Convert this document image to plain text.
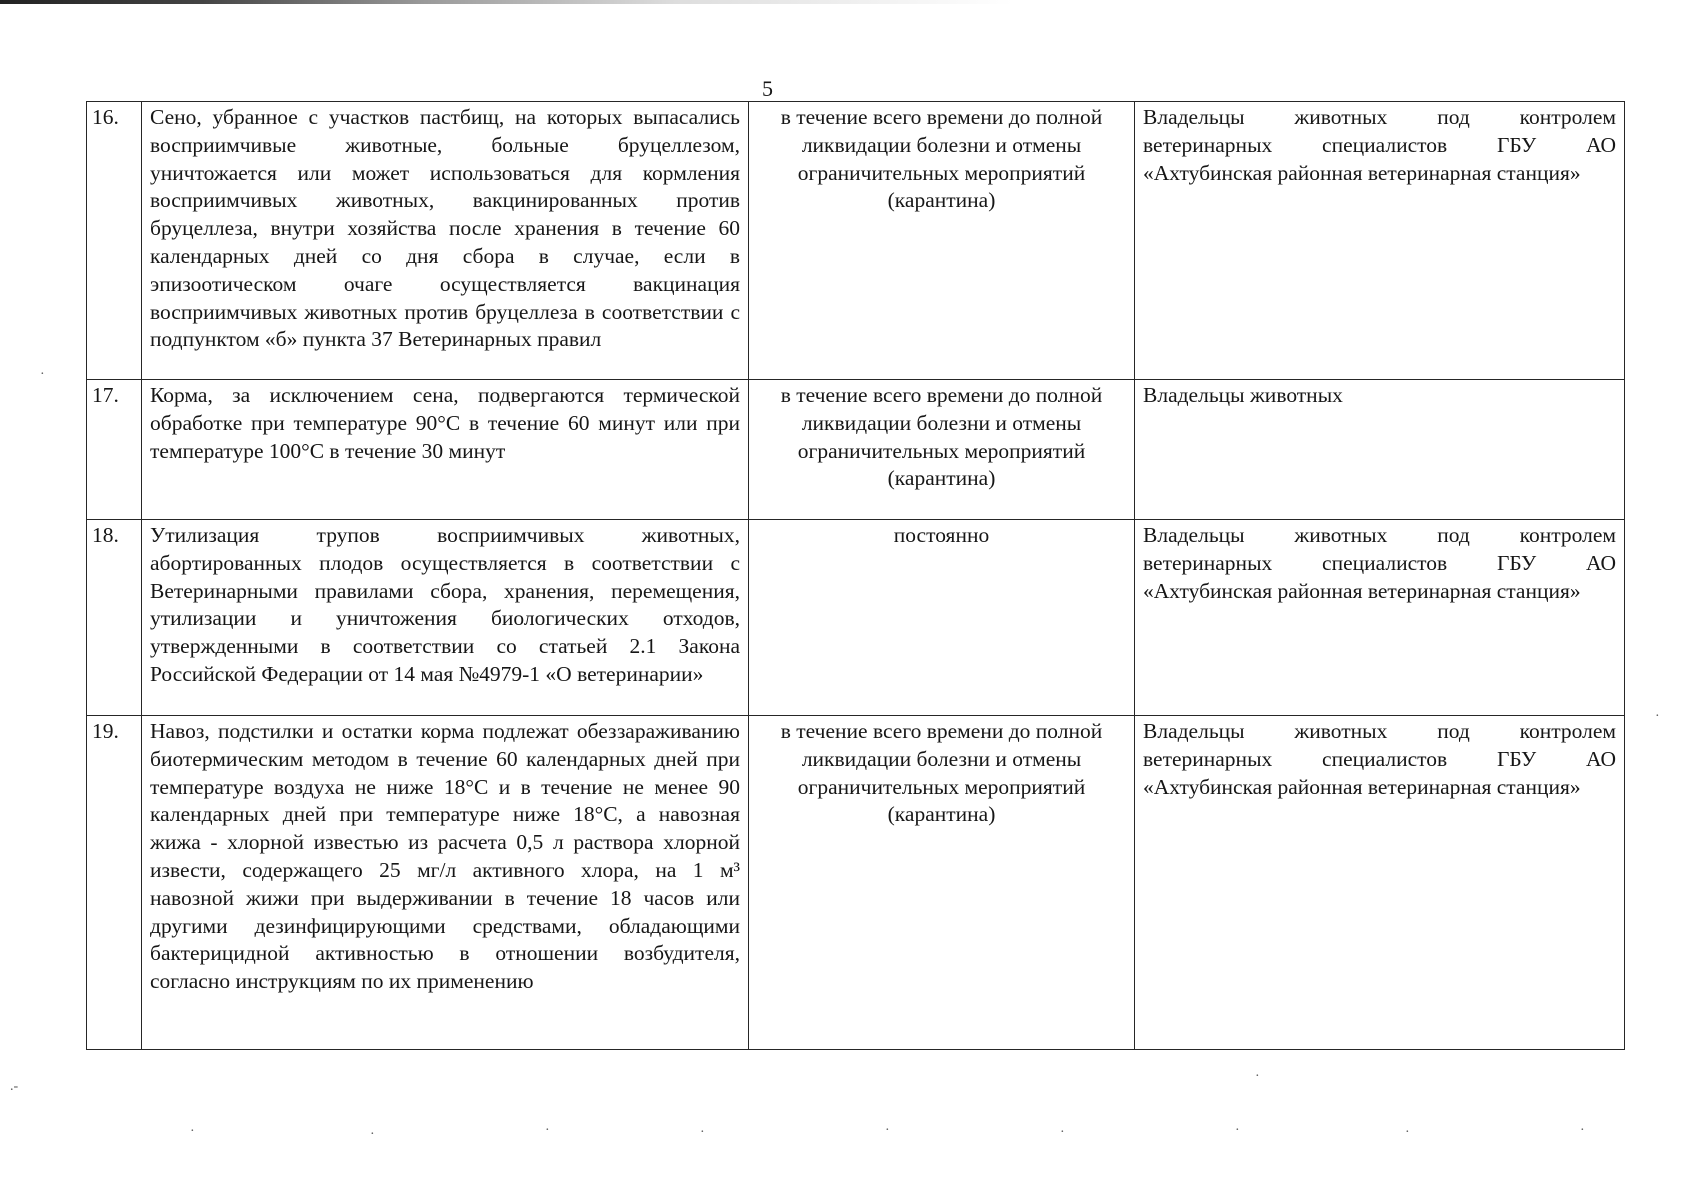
5
16.	Сено, убранное с участков пастбищ, на которых выпасались восприимчивые животные, больные бруцеллезом, уничтожается или может использоваться для кормления восприимчивых животных, вакцинированных против бруцеллеза, внутри хозяйства после хранения в течение 60 календарных дней со дня сбора в случае, если в эпизоотическом очаге осуществляется вакцинация восприимчивых животных против бруцеллеза в соответствии с подпунктом «б» пункта 37 Ветеринарных правил	в течение всего времени до полной ликвидации болезни и отмены ограничительных мероприятий (карантина)	Владельцы животных под контролем ветеринарных специалистов ГБУ АО «Ахтубинская районная ветеринарная станция»
17.	Корма, за исключением сена, подвергаются термической обработке при температуре 90°С в течение 60 минут или при температуре 100°С в течение 30 минут	в течение всего времени до полной ликвидации болезни и отмены ограничительных мероприятий (карантина)	Владельцы животных
18.	Утилизация трупов восприимчивых животных, абортированных плодов осуществляется в соответствии с Ветеринарными правилами сбора, хранения, перемещения, утилизации и уничтожения биологических отходов, утвержденными в соответствии со статьей 2.1 Закона Российской Федерации от 14 мая №4979-1 «О ветеринарии»	постоянно	Владельцы животных под контролем ветеринарных специалистов ГБУ АО «Ахтубинская районная ветеринарная станция»
19.	Навоз, подстилки и остатки корма подлежат обеззараживанию биотермическим методом в течение 60 календарных дней при температуре воздуха не ниже 18°С и в течение не менее 90 календарных дней при температуре ниже 18°С, а навозная жижа - хлорной известью из расчета 0,5 л раствора хлорной извести, содержащего 25 мг/л активного хлора, на 1 м³ навозной жижи при выдерживании в течение 18 часов или другими дезинфицирующими средствами, обладающими бактерицидной активностью в отношении возбудителя, согласно инструкциям по их применению	в течение всего времени до полной ликвидации болезни и отмены ограничительных мероприятий (карантина)	Владельцы животных под контролем ветеринарных специалистов ГБУ АО «Ахтубинская районная ветеринарная станция»
.-
·	·	·	·	·	·	·	·	·
·
·
·
